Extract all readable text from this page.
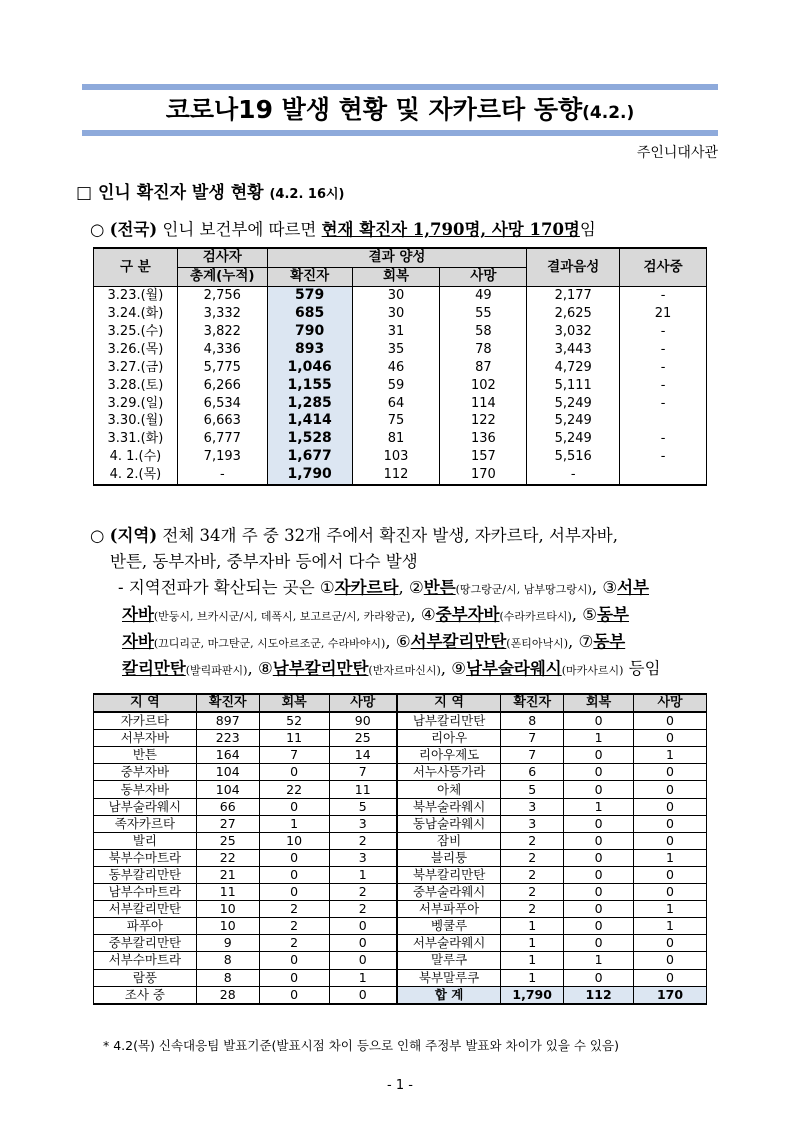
코로나19 발생 현황 및 자카르타 동향(4.2.)
주인니대사관
□ 인니 확진자 발생 현황 (4.2. 16시)
○ (전국) 인니 보건부에 따르면 현재 확진자 1,790명, 사망 170명임
구 분	검사자	결과 양성			결과음성	검사중
	총계(누적)	확진자	회복	사망		
3.23.(월)	2,756	579	30	49	2,177	-
3.24.(화)	3,332	685	30	55	2,625	21
3.25.(수)	3,822	790	31	58	3,032	-
3.26.(목)	4,336	893	35	78	3,443	-
3.27.(금)	5,775	1,046	46	87	4,729	-
3.28.(토)	6,266	1,155	59	102	5,111	-
3.29.(일)	6,534	1,285	64	114	5,249	-
3.30.(월)	6,663	1,414	75	122	5,249	
3.31.(화)	6,777	1,528	81	136	5,249	-
4. 1.(수)	7,193	1,677	103	157	5,516	-
4. 2.(목)	-	1,790	112	170	-	
○ (지역) 전체 34개 주 중 32개 주에서 확진자 발생, 자카르타, 서부자바,
반튼, 동부자바, 중부자바 등에서 다수 발생
- 지역전파가 확산되는 곳은 ①자카르타, ②반튼(땅그랑군/시, 남부땅그랑시), ③서부
자바(반둥시, 브카시군/시, 데폭시, 보고르군/시, 카라왕군), ④중부자바(수라카르타시), ⑤동부
자바(끄디리군, 마그탄군, 시도아르조군, 수라바야시), ⑥서부칼리만탄(폰티아낙시), ⑦동부
칼리만탄(발릭파판시), ⑧남부칼리만탄(반자르마신시), ⑨남부술라웨시(마카사르시) 등임
지 역	확진자	회복	사망	지 역	확진자	회복	사망
자카르타	897	52	90	남부칼리만탄	8	0	0
서부자바	223	11	25	리아우	7	1	0
반튼	164	7	14	리아우제도	7	0	1
중부자바	104	0	7	서누사뜽가라	6	0	0
동부자바	104	22	11	아체	5	0	0
남부술라웨시	66	0	5	북부술라웨시	3	1	0
족자카르타	27	1	3	동남술라웨시	3	0	0
발리	25	10	2	잠비	2	0	0
북부수마트라	22	0	3	블리퉁	2	0	1
동부칼리만탄	21	0	1	북부칼리만탄	2	0	0
남부수마트라	11	0	2	중부술라웨시	2	0	0
서부칼리만탄	10	2	2	서부파푸아	2	0	1
파푸아	10	2	0	벵쿨루	1	0	1
중부칼리만탄	9	2	0	서부술라웨시	1	0	0
서부수마트라	8	0	0	말루쿠	1	1	0
람풍	8	0	1	북부말루쿠	1	0	0
조사 중	28	0	0	합 계	1,790	112	170
* 4.2(목) 신속대응팀 발표기준(발표시점 차이 등으로 인해 주정부 발표와 차이가 있을 수 있음)
- 1 -
